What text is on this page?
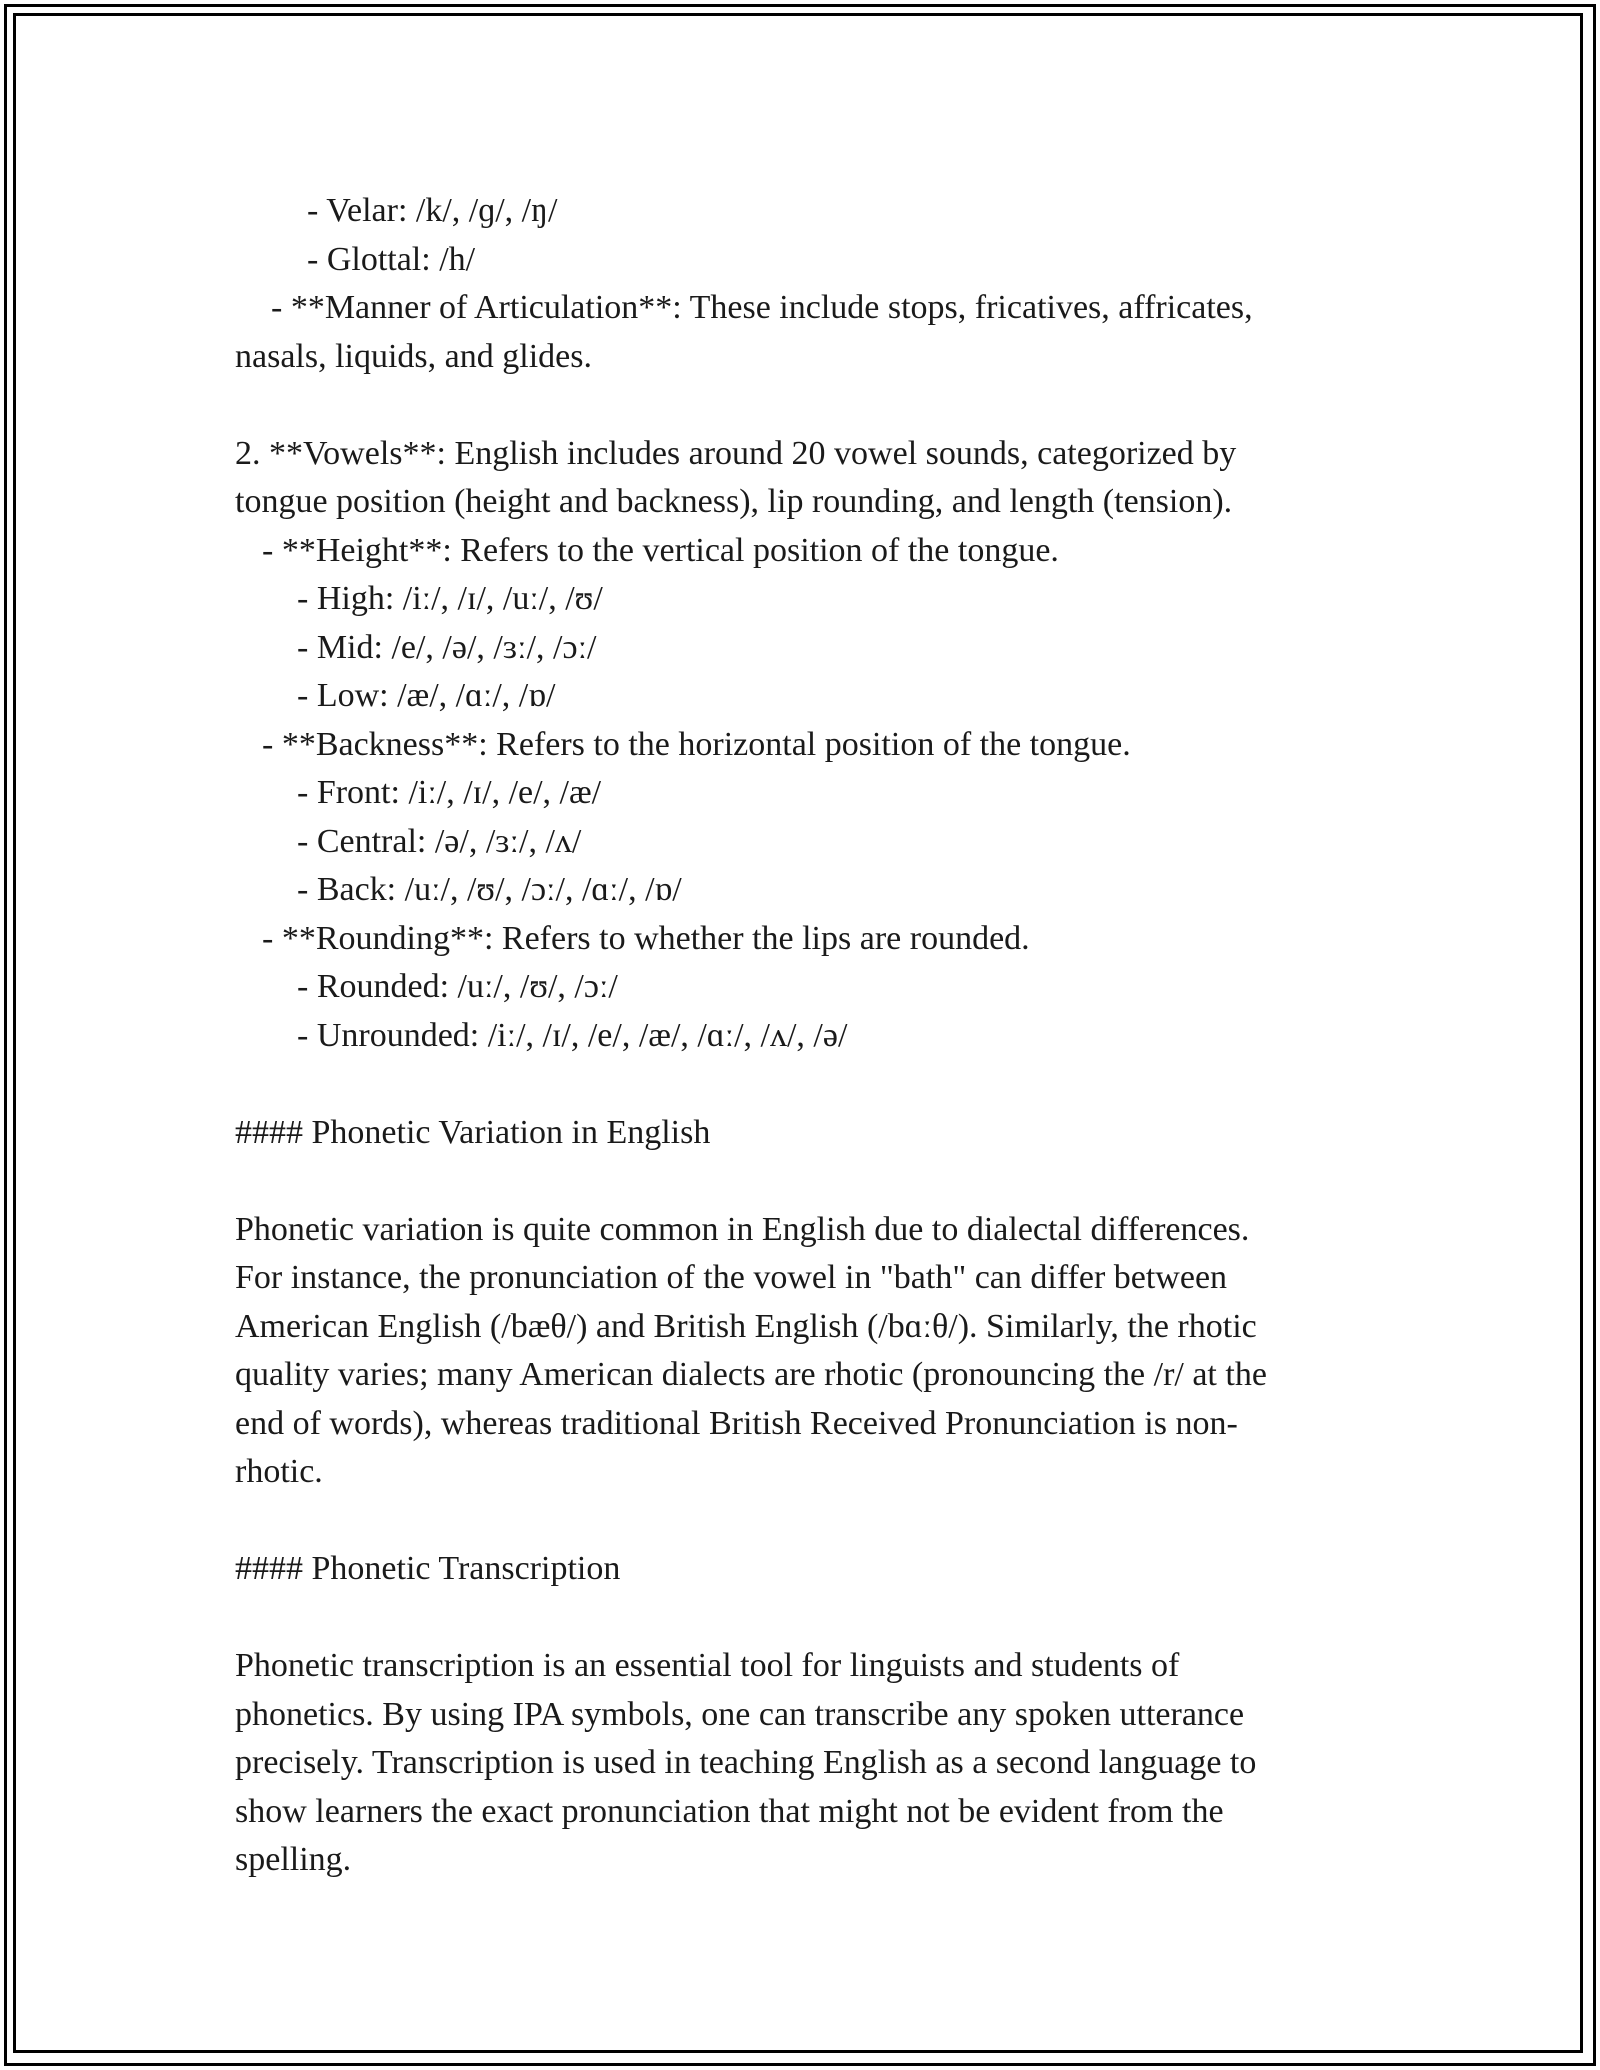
- Velar: /k/, /ɡ/, /ŋ/
- Glottal: /h/
- **Manner of Articulation**: These include stops, fricatives, affricates,
nasals, liquids, and glides.
2. **Vowels**: English includes around 20 vowel sounds, categorized by
tongue position (height and backness), lip rounding, and length (tension).
- **Height**: Refers to the vertical position of the tongue.
- High: /iː/, /ɪ/, /uː/, /ʊ/
- Mid: /e/, /ə/, /ɜː/, /ɔː/
- Low: /æ/, /ɑː/, /ɒ/
- **Backness**: Refers to the horizontal position of the tongue.
- Front: /iː/, /ɪ/, /e/, /æ/
- Central: /ə/, /ɜː/, /ʌ/
- Back: /uː/, /ʊ/, /ɔː/, /ɑː/, /ɒ/
- **Rounding**: Refers to whether the lips are rounded.
- Rounded: /uː/, /ʊ/, /ɔː/
- Unrounded: /iː/, /ɪ/, /e/, /æ/, /ɑː/, /ʌ/, /ə/
#### Phonetic Variation in English
Phonetic variation is quite common in English due to dialectal differences.
For instance, the pronunciation of the vowel in "bath" can differ between
American English (/bæθ/) and British English (/bɑːθ/). Similarly, the rhotic
quality varies; many American dialects are rhotic (pronouncing the /r/ at the
end of words), whereas traditional British Received Pronunciation is non-
rhotic.
#### Phonetic Transcription
Phonetic transcription is an essential tool for linguists and students of
phonetics. By using IPA symbols, one can transcribe any spoken utterance
precisely. Transcription is used in teaching English as a second language to
show learners the exact pronunciation that might not be evident from the
spelling.
